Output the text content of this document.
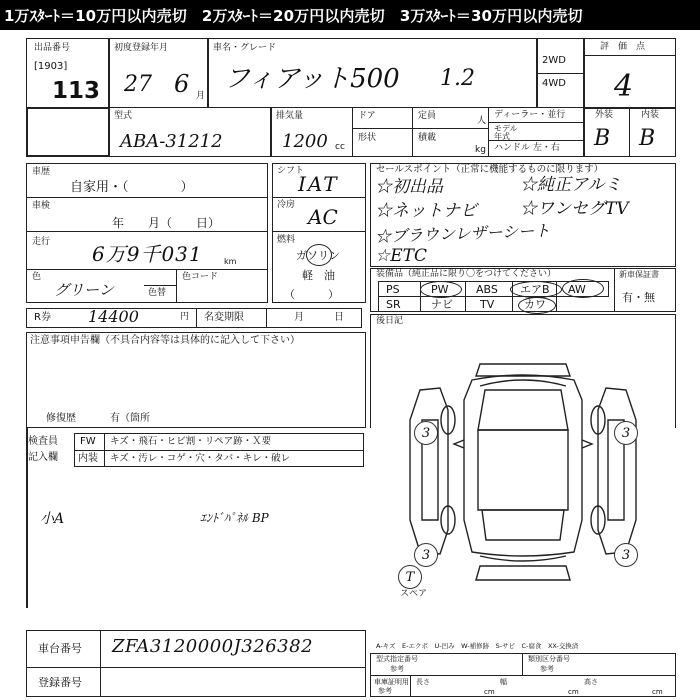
1万ｽﾀｰﾄ＝10万円以内売切　2万ｽﾀｰﾄ＝20万円以内売切　3万ｽﾀｰﾄ＝30万円以内売切
出品番号
[1903]
113
初度登録年月
27 6 月
車名・グレード
フィアット500 1.2
2WD
4WD
評　価　点
4
外装	内装
B B
型式
ABA-31212
排気量
1200 cc
ドア
形状
定員	人
積載
kg
ディーラー・並行
モデル
年式
ハンドル 左・右
車歴
自家用・（　　　　）
車検
年　　月（　　日）
走行 6万9千031	km
色
グリーン	色替
色コード
R券 14400	円 名変期限	月　　　日
シフト
IAT
冷房 AC
燃料
ガソリン
軽　油
（　　　）
セールスポイント（正常に機能するものに限ります）
☆初出品	☆純正アルミ
☆ネットナビ	☆ワンセグTV
☆ブラウンレザーシート
☆ETC
装備品（純正品に限り〇をつけてください）	新車保証書
有・無
PS	PW ABS エアB AW
SR	ナビ TV	カワ
注意事項申告欄（不具合内容等は具体的に記入して下さい）
修復歴	有（箇所
後日記
検査員
記入欄
FW キズ・飛石・ヒビ割・リペア跡・Ｘ要
内装 キズ・汚レ・コゲ・穴・タバ・キレ・破レ
小A	ｴﾝﾄﾞﾊﾟﾈﾙ BP
3	3
3	3
T
スペア
車台番号 ZFA3120000J326382
登録番号
A-キズ　E-エクボ　U-凹み　W-補修跡　S-サビ　C-腐食　XX-交換済
型式指定番号
参考
類別区分番号
参考
車庫証明用
参考
長さ
cm
幅
cm
高さ
cm
